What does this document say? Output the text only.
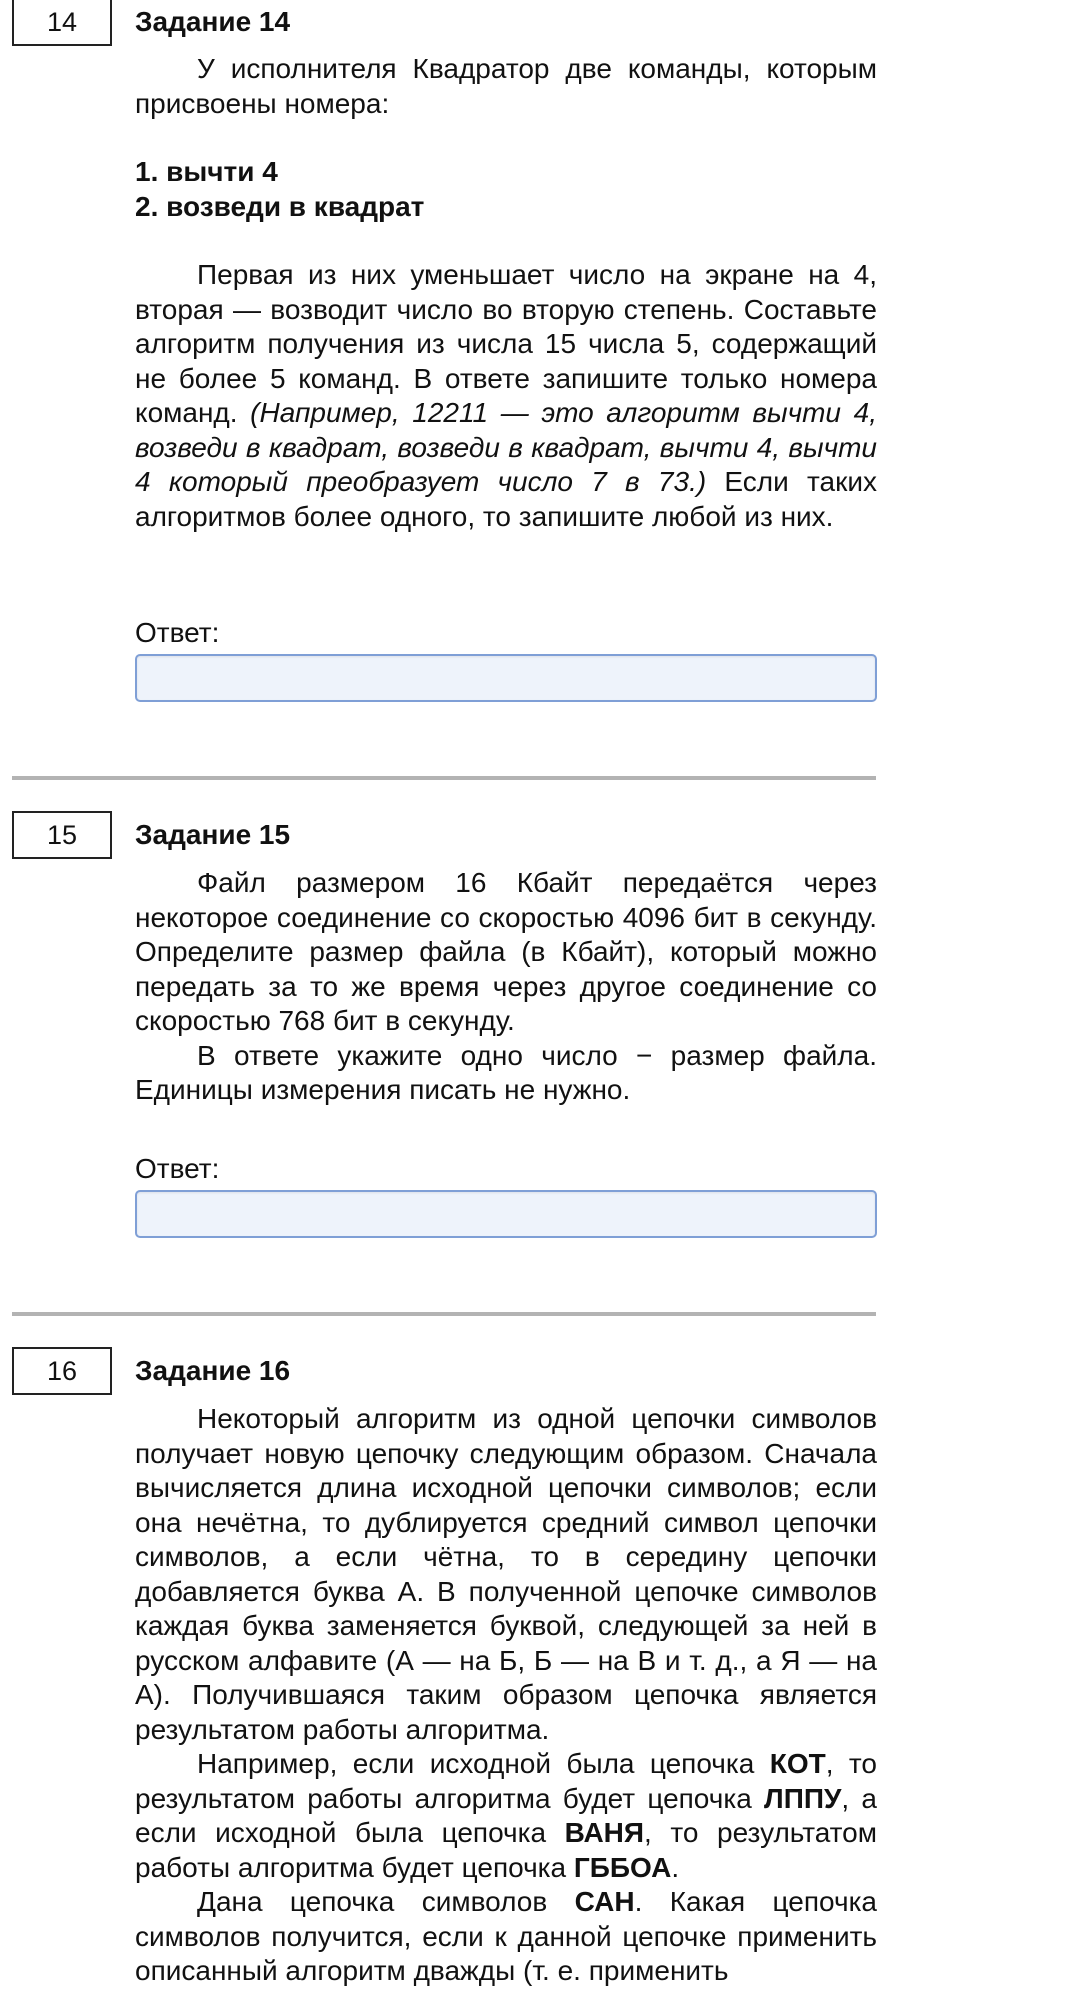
14	Задание 14

У исполнителя Квадратор две команды, которым присвоены номера:

1. вычти 4

2. возведи в квадрат

Первая из них уменьшает число на экране на 4, вторая — возводит число во вторую степень. Составьте алгоритм получения из числа 15 числа 5, содержащий не более 5 команд. В ответе запишите только номера команд. (Например, 12211 — это алгоритм вычти 4, возведи в квадрат, возведи в квадрат, вычти 4, вычти 4 который преобразует число 7 в 73.) Если таких алгоритмов более одного, то запишите любой из них.

Ответ:
15	Задание 15

Файл размером 16 Кбайт передаётся через некоторое соединение со скоростью 4096 бит в секунду. Определите размер файла (в Кбайт), который можно передать за то же время через другое соединение со скоростью 768 бит в секунду.

В ответе укажите одно число − размер файла. Единицы измерения писать не нужно.

Ответ:
16	Задание 16

Некоторый алгоритм из одной цепочки символов получает новую цепочку следующим образом. Сначала вычисляется длина исходной цепочки символов; если она нечётна, то дублируется средний символ цепочки символов, а если чётна, то в середину цепочки добавляется буква А. В полученной цепочке символов каждая буква заменяется буквой, следующей за ней в русском алфавите (А — на Б, Б — на В и т. д., а Я — на А). Получившаяся таким образом цепочка является результатом работы алгоритма.

Например, если исходной была цепочка КОТ, то результатом работы алгоритма будет цепочка ЛППУ, а если исходной была цепочка ВАНЯ, то результатом работы алгоритма будет цепочка ГББОА.

Дана цепочка символов САН. Какая цепочка символов получится, если к данной цепочке применить описанный алгоритм дважды (т. е. применить
